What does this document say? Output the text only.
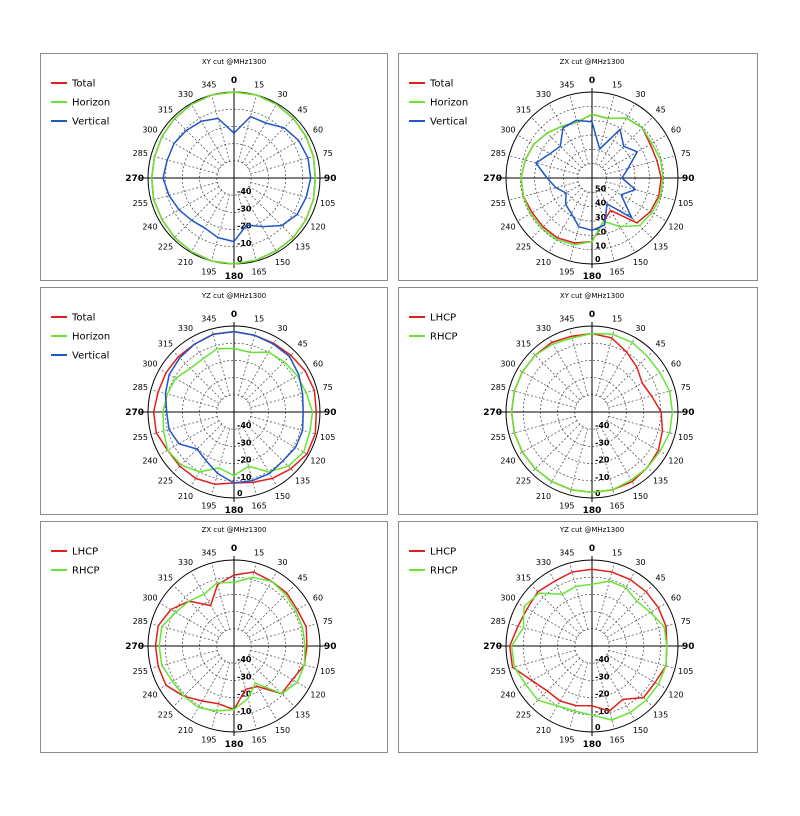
XY cut @MHz1300
Total
Horizon
Vertical
0 15
30
45
60
75
90
105
120
135
150
165
180
195
210
225
240
255
270
285
300
315
330
345
0
-10
-20
-30
-40
ZX cut @MHz1300
Total
Horizon
Vertical
0 15
30
45
60
75
90
105
120
135
150
165
180
195
210
225
240
255
270
285
300
315
330
345
0
10
20
30
40
50
YZ cut @MHz1300
Total
Horizon
Vertical
0 15
30
45
60
75
90
105
120
135
150
165
180
195
210
225
240
255
270
285
300
315
330
345
0
-10
-20
-30
-40
XY cut @MHz1300
LHCP
RHCP
0 15
30
45
60
75
90
105
120
135
150
165
180
195
210
225
240
255
270
285
300
315
330
345
0
-10
-20
-30
-40
ZX cut @MHz1300
LHCP
RHCP
0 15
30
45
60
75
90
105
120
135
150
165
180
195
210
225
240
255
270
285
300
315
330
345
0
-10
-20
-30
-40
YZ cut @MHz1300
LHCP
RHCP
0 15
30
45
60
75
90
105
120
135
150
165
180
195
210
225
240
255
270
285
300
315
330
345
0
-10
-20
-30
-40
